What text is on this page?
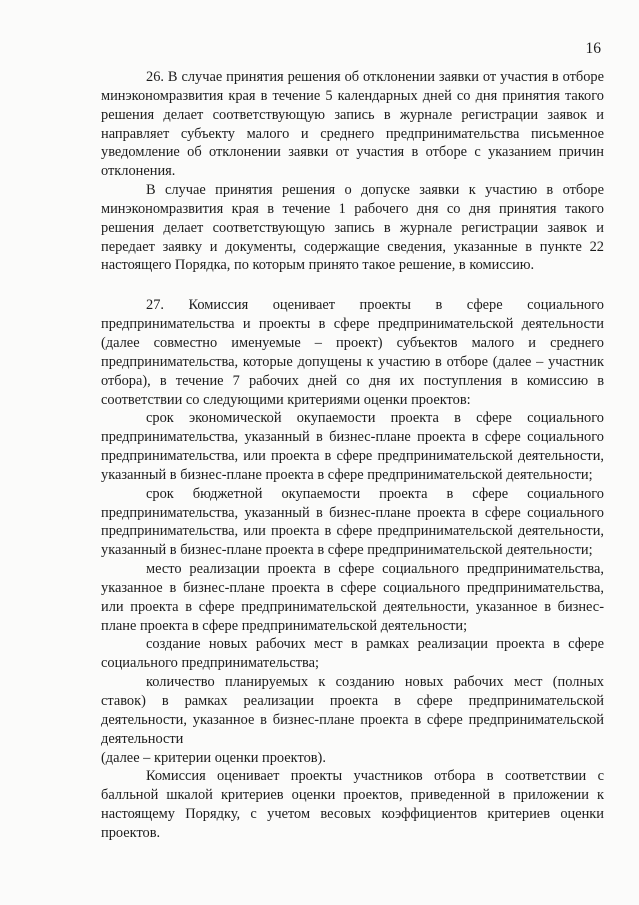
16

26. В случае принятия решения об отклонении заявки от участия в отборе минэкономразвития края в течение 5 календарных дней со дня принятия такого решения делает соответствующую запись в журнале регистрации заявок и направляет субъекту малого и среднего предпринимательства письменное уведомление об отклонении заявки от участия в отборе с указанием причин отклонения.

В случае принятия решения о допуске заявки к участию в отборе минэкономразвития края в течение 1 рабочего дня со дня принятия такого решения делает соответствующую запись в журнале регистрации заявок и передает заявку и документы, содержащие сведения, указанные в пункте 22 настоящего Порядка, по которым принято такое решение, в комиссию.

27. Комиссия оценивает проекты в сфере социального предпринимательства и проекты в сфере предпринимательской деятельности (далее совместно именуемые – проект) субъектов малого и среднего предпринимательства, которые допущены к участию в отборе (далее – участник отбора), в течение 7 рабочих дней со дня их поступления в комиссию в соответствии со следующими критериями оценки проектов:

срок экономической окупаемости проекта в сфере социального предпринимательства, указанный в бизнес-плане проекта в сфере социального предпринимательства, или проекта в сфере предпринимательской деятельности, указанный в бизнес-плане проекта в сфере предпринимательской деятельности;

срок бюджетной окупаемости проекта в сфере социального предпринимательства, указанный в бизнес-плане проекта в сфере социального предпринимательства, или проекта в сфере предпринимательской деятельности, указанный в бизнес-плане проекта в сфере предпринимательской деятельности;

место реализации проекта в сфере социального предпринимательства, указанное в бизнес-плане проекта в сфере социального предпринимательства, или проекта в сфере предпринимательской деятельности, указанное в бизнес-плане проекта в сфере предпринимательской деятельности;

создание новых рабочих мест в рамках реализации проекта в сфере социального предпринимательства;

количество планируемых к созданию новых рабочих мест (полных ставок) в рамках реализации проекта в сфере предпринимательской деятельности, указанное в бизнес-плане проекта в сфере предпринимательской деятельности

(далее – критерии оценки проектов).

Комиссия оценивает проекты участников отбора в соответствии с балльной шкалой критериев оценки проектов, приведенной в приложении к настоящему Порядку, с учетом весовых коэффициентов критериев оценки проектов.
